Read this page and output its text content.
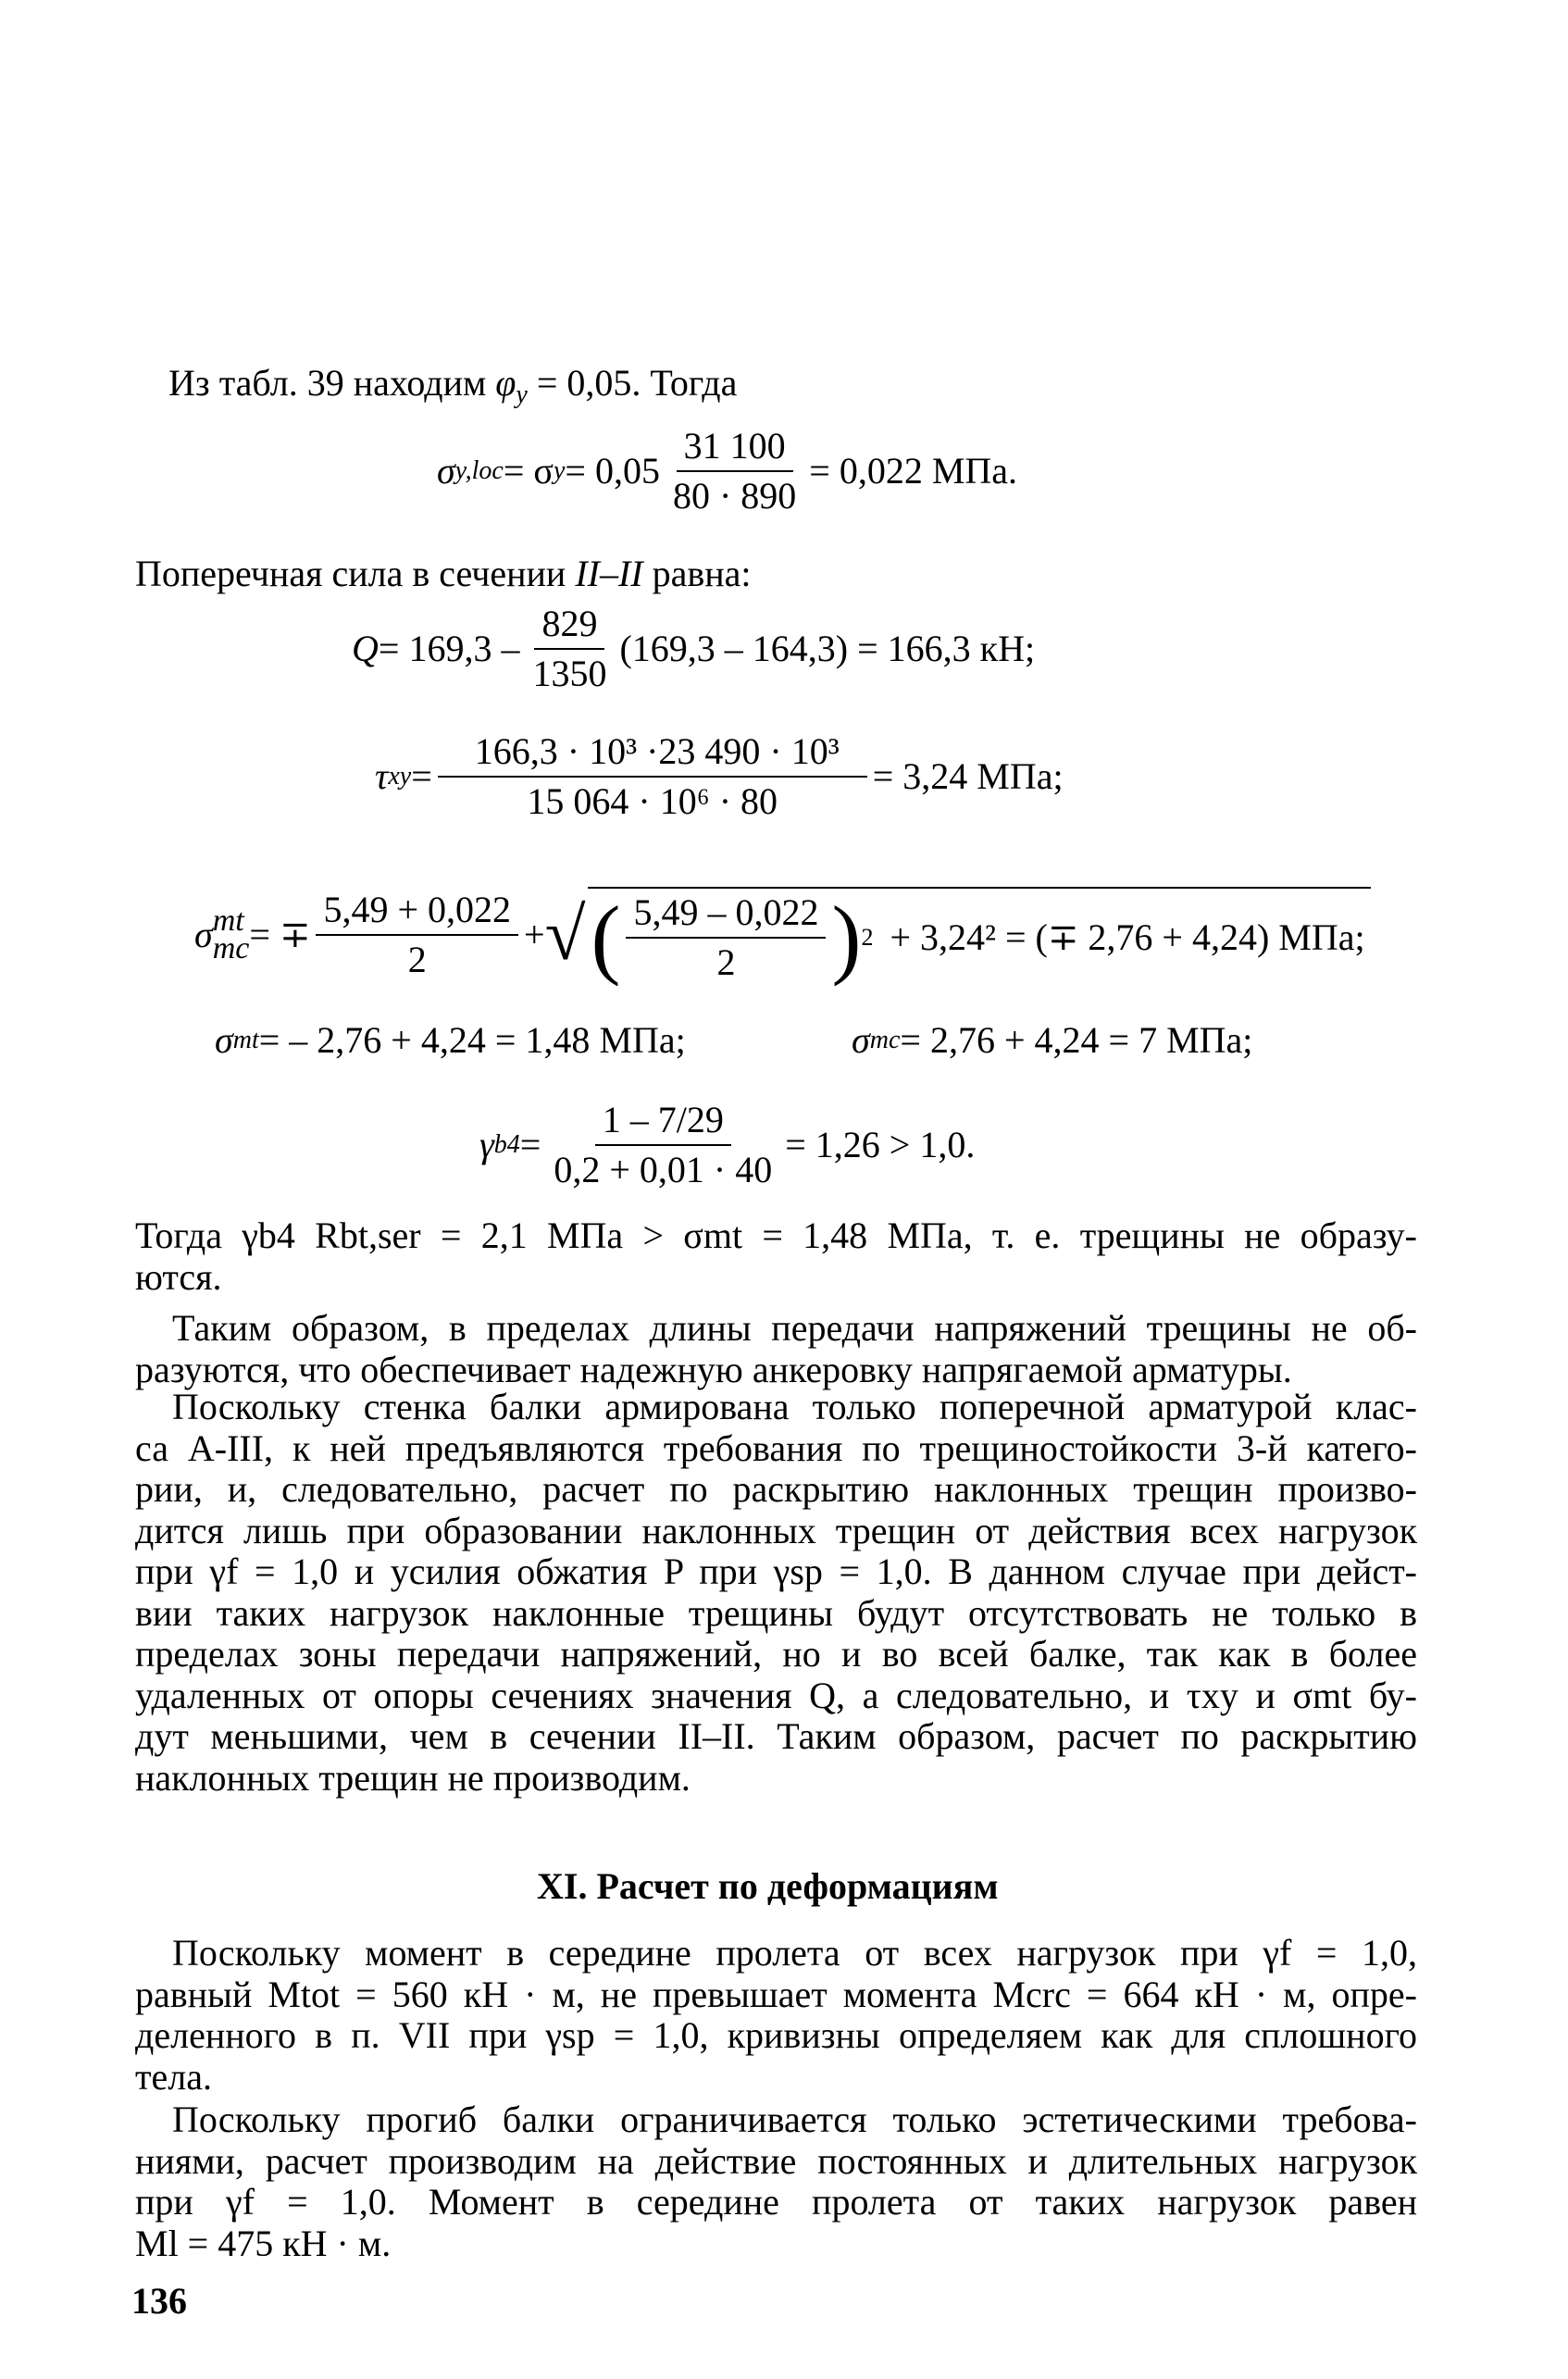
Из табл. 39 находим $\varphi_y = 0,05$. Тогда
σ y,loc = σ $y = 0,05 \frac{31 100}{80 \cdot 890} = 0,022$ МПа.
Поперечная сила в сечении II–II равна:
$Q = 169,3 - \frac{829}{1350} (169,3 - 164,3) = 166,3$ кН;
τ xy = $\frac{\text{166,3 · 10³ ·23 490 · 10³}}{\text{15 064 · 10⁶ · 80}} = 3,24$ МПа;
σ mt
mc = ∓ $\frac{5,49 + 0,022}{2}$ + √ ( $\frac{5,49 - 0,022}{2}$ ) 2 + 3,24² = (∓ 2,76 + 4,24) МПа;
σ mt = – 2,76 + 4,24 = 1,48 МПа;	σ mc = 2,76 + 4,24 = 7 МПа;
γ $b4 = \frac{1 - 7/29}{0,2 + 0,01 \cdot 40} = 1,26 > 1,0$.
Тогда γb4 Rbt,ser = 2,1 МПа > σmt = 1,48 МПа, т. е. трещины не образу-
ются.
Таким образом, в пределах длины передачи напряжений трещины не об-
разуются, что обеспечивает надежную анкеровку напрягаемой арматуры.
Поскольку стенка балки армирована только поперечной арматурой клас-
са А-III, к ней предъявляются требования по трещиностойкости 3-й катего-
рии, и, следовательно, расчет по раскрытию наклонных трещин произво-
дится лишь при образовании наклонных трещин от действия всех нагрузок
при γf = 1,0 и усилия обжатия P при γsp = 1,0. В данном случае при дейст-
вии таких нагрузок наклонные трещины будут отсутствовать не только в
пределах зоны передачи напряжений, но и во всей балке, так как в более
удаленных от опоры сечениях значения Q, а следовательно, и τxy и σmt бу-
дут меньшими, чем в сечении II–II. Таким образом, расчет по раскрытию
наклонных трещин не производим.
XI. Расчет по деформациям
Поскольку момент в середине пролета от всех нагрузок при γf = 1,0,
равный Mtot = 560 кН · м, не превышает момента Mcrc = 664 кН · м, опре-
деленного в п. VII при γsp = 1,0, кривизны определяем как для сплошного
тела.
Поскольку прогиб балки ограничивается только эстетическими требова-
ниями, расчет производим на действие постоянных и длительных нагрузок
при γf = 1,0. Момент в середине пролета от таких нагрузок равен
Ml = 475 кН · м.
136
